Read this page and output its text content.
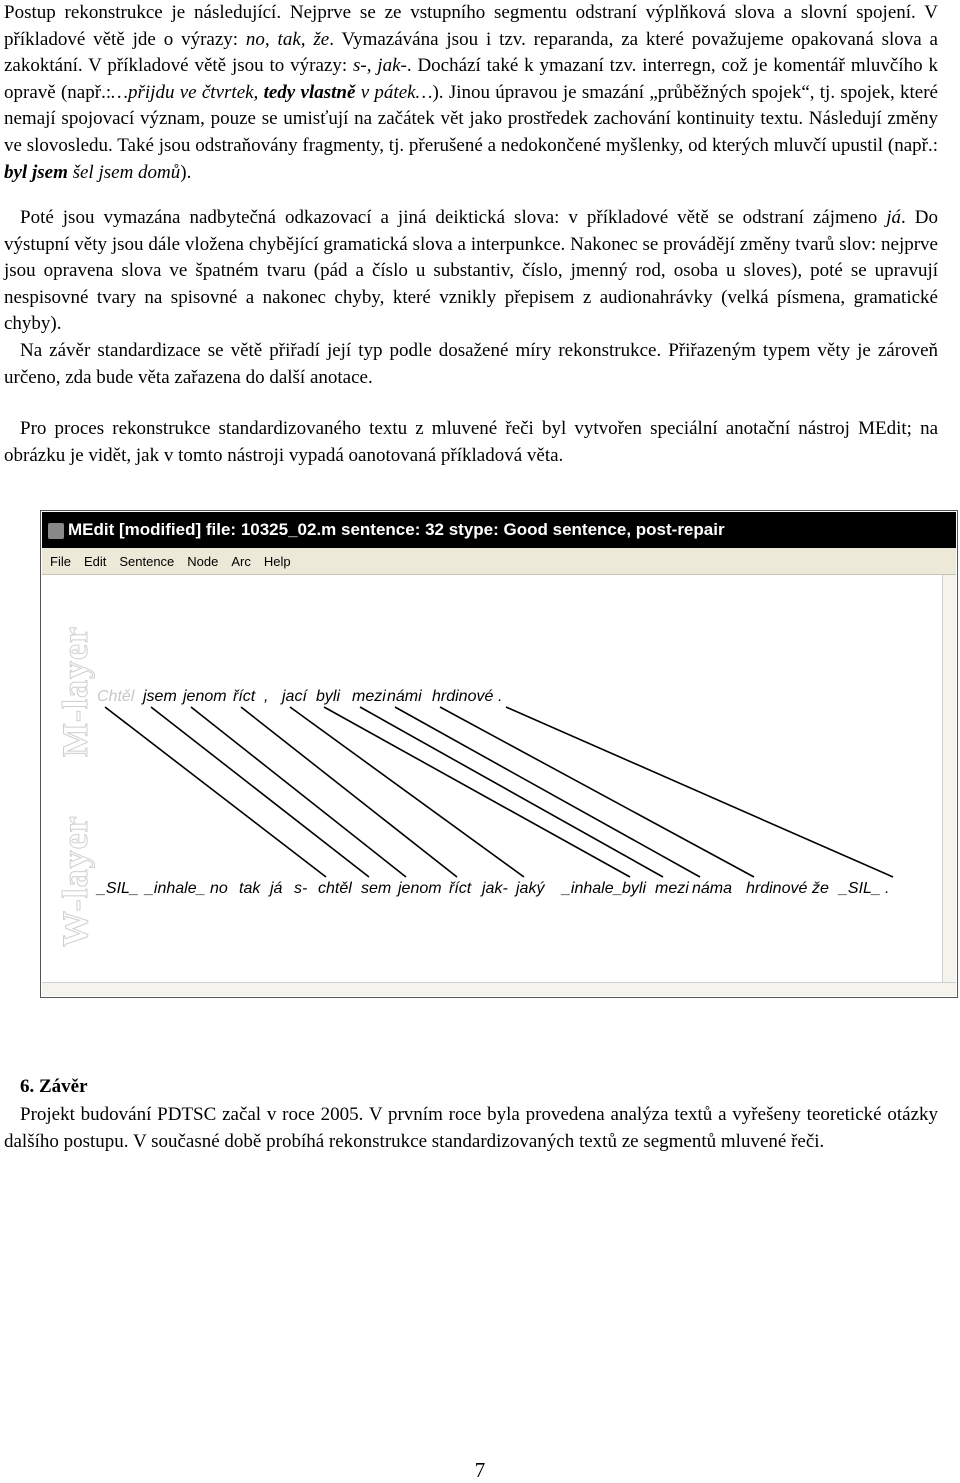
Postup rekonstrukce je následující. Nejprve se ze vstupního segmentu odstraní výplňková slova a slovní spojení. V příkladové větě jde o výrazy: no, tak, že. Vymazávána jsou i tzv. reparanda, za které považujeme opakovaná slova a zakoktání. V příkladové větě jsou to výrazy: s-, jak-. Dochází také k ymazaní tzv. interregn, což je komentář mluvčího k opravě (např.:…přijdu ve čtvrtek, tedy vlastně v pátek…). Jinou úpravou je smazání „průběžných spojek“, tj. spojek, které nemají spojovací význam, pouze se umisťují na začátek vět jako prostředek zachování kontinuity textu. Následují změny ve slovosledu. Také jsou odstraňovány fragmenty, tj. přerušené a nedokončené myšlenky, od kterých mluvčí upustil (např.: byl jsem šel jsem domů).
Poté jsou vymazána nadbytečná odkazovací a jiná deiktická slova: v příkladové větě se odstraní zájmeno já. Do výstupní věty jsou dále vložena chybějící gramatická slova a interpunkce. Nakonec se provádějí změny tvarů slov: nejprve jsou opravena slova ve špatném tvaru (pád a číslo u substantiv, číslo, jmenný rod, osoba u sloves), poté se upravují nespisovné tvary na spisovné a nakonec chyby, které vznikly přepisem z audionahrávky (velká písmena, gramatické chyby).
Na závěr standardizace se větě přiřadí její typ podle dosažené míry rekonstrukce. Přiřazeným typem věty je zároveň určeno, zda bude věta zařazena do další anotace.
Pro proces rekonstrukce standardizovaného textu z mluvené řeči byl vytvořen speciální anotační nástroj MEdit; na obrázku je vidět, jak v tomto nástroji vypadá oanotovaná příkladová věta.
MEdit [modified] file: 10325_02.m sentence: 32 stype: Good sentence, post-repair
File Edit Sentence Node Arc Help
M-layer
W-layer
Chtěl jsem jenom říct , jací byli mezi námi hrdinové .
_SIL_ _inhale_ no tak já s- chtěl sem jenom říct jak- jaký _inhale_ byli mezi náma hrdinové že _SIL_ .
6. Závěr
Projekt budování PDTSC začal v roce 2005. V prvním roce byla provedena analýza textů a vyřešeny teoretické otázky dalšího postupu. V současné době probíhá rekonstrukce standardizovaných textů ze segmentů mluvené řeči.
7
